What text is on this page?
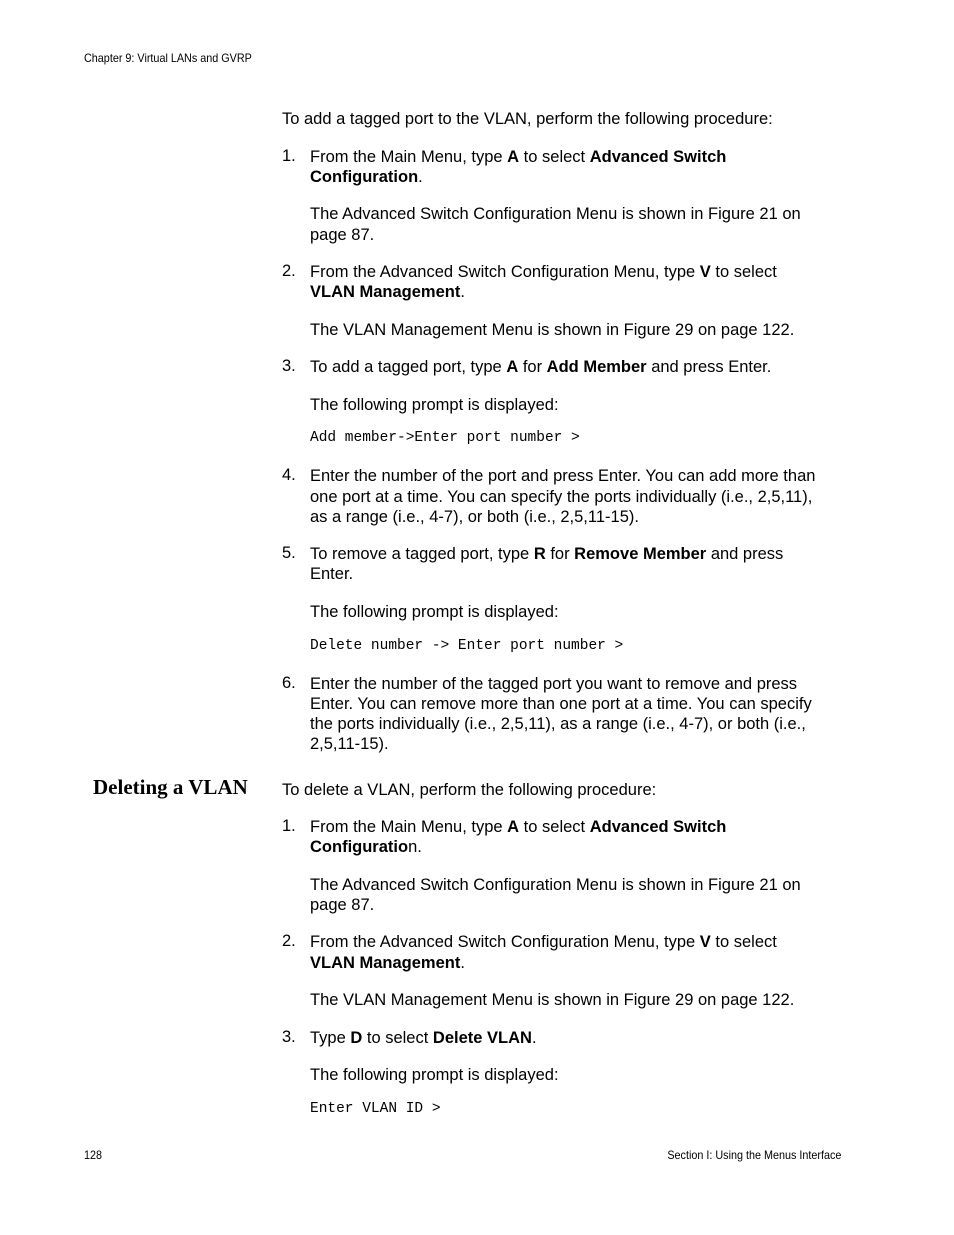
Chapter 9: Virtual LANs and GVRP
To add a tagged port to the VLAN, perform the following procedure:
1. From the Main Menu, type A to select Advanced Switch
Configuration.
The Advanced Switch Configuration Menu is shown in Figure 21 on
page 87.
2. From the Advanced Switch Configuration Menu, type V to select
VLAN Management.
The VLAN Management Menu is shown in Figure 29 on page 122.
3. To add a tagged port, type A for Add Member and press Enter.
The following prompt is displayed:
Add member->Enter port number >
4. Enter the number of the port and press Enter. You can add more than
one port at a time. You can specify the ports individually (i.e., 2,5,11),
as a range (i.e., 4-7), or both (i.e., 2,5,11-15).
5. To remove a tagged port, type R for Remove Member and press
Enter.
The following prompt is displayed:
Delete number -> Enter port number >
6. Enter the number of the tagged port you want to remove and press
Enter. You can remove more than one port at a time. You can specify
the ports individually (i.e., 2,5,11), as a range (i.e., 4-7), or both (i.e.,
2,5,11-15).
Deleting a VLAN To delete a VLAN, perform the following procedure:
1. From the Main Menu, type A to select Advanced Switch
Configuration.
The Advanced Switch Configuration Menu is shown in Figure 21 on
page 87.
2. From the Advanced Switch Configuration Menu, type V to select
VLAN Management.
The VLAN Management Menu is shown in Figure 29 on page 122.
3. Type D to select Delete VLAN.
The following prompt is displayed:
Enter VLAN ID >
128	Section I: Using the Menus Interface
